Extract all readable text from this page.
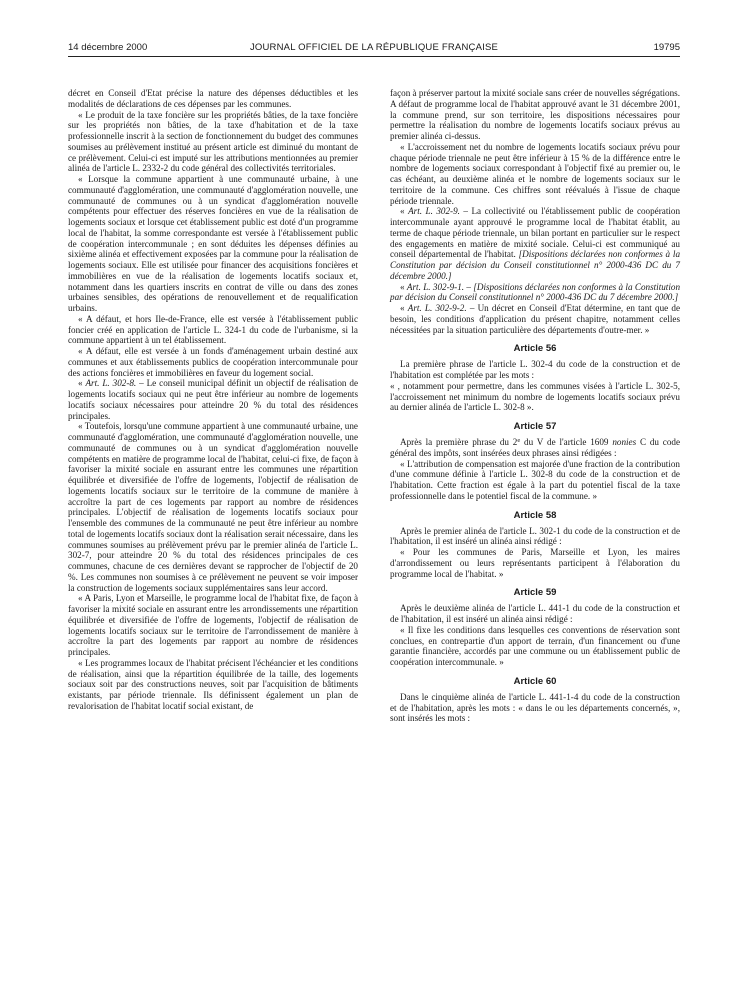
14 décembre 2000	JOURNAL OFFICIEL DE LA RÉPUBLIQUE FRANÇAISE	19795

décret en Conseil d'Etat précise la nature des dépenses déductibles et les modalités de déclarations de ces dépenses par les communes.

« Le produit de la taxe foncière sur les propriétés bâties, de la taxe foncière sur les propriétés non bâties, de la taxe d'habitation et de la taxe professionnelle inscrit à la section de fonctionnement du budget des communes soumises au prélèvement institué au présent article est diminué du montant de ce prélèvement. Celui-ci est imputé sur les attributions mentionnées au premier alinéa de l'article L. 2332-2 du code général des collectivités territoriales.

« Lorsque la commune appartient à une communauté urbaine, à une communauté d'agglomération, une communauté d'agglomération nouvelle, une communauté de communes ou à un syndicat d'agglomération nouvelle compétents pour effectuer des réserves foncières en vue de la réalisation de logements sociaux et lorsque cet établissement public est doté d'un programme local de l'habitat, la somme correspondante est versée à l'établissement public de coopération intercommunale ; en sont déduites les dépenses définies au sixième alinéa et effectivement exposées par la commune pour la réalisation de logements sociaux. Elle est utilisée pour financer des acquisitions foncières et immobilières en vue de la réalisation de logements locatifs sociaux et, notamment dans les quartiers inscrits en contrat de ville ou dans des zones urbaines sensibles, des opérations de renouvellement et de requalification urbains.

« A défaut, et hors Ile-de-France, elle est versée à l'établissement public foncier créé en application de l'article L. 324-1 du code de l'urbanisme, si la commune appartient à un tel établissement.

« A défaut, elle est versée à un fonds d'aménagement urbain destiné aux communes et aux établissements publics de coopération intercommunale pour des actions foncières et immobilières en faveur du logement social.

« Art. L. 302-8. – Le conseil municipal définit un objectif de réalisation de logements locatifs sociaux qui ne peut être inférieur au nombre de logements locatifs sociaux nécessaires pour atteindre 20 % du total des résidences principales.

« Toutefois, lorsqu'une commune appartient à une communauté urbaine, une communauté d'agglomération, une communauté d'agglomération nouvelle, une communauté de communes ou à un syndicat d'agglomération nouvelle compétents en matière de programme local de l'habitat, celui-ci fixe, de façon à favoriser la mixité sociale en assurant entre les communes une répartition équilibrée et diversifiée de l'offre de logements, l'objectif de réalisation de logements locatifs sociaux sur le territoire de la commune de manière à accroître la part de ces logements par rapport au nombre de résidences principales. L'objectif de réalisation de logements locatifs sociaux pour l'ensemble des communes de la communauté ne peut être inférieur au nombre total de logements locatifs sociaux dont la réalisation serait nécessaire, dans les communes soumises au prélèvement prévu par le premier alinéa de l'article L. 302-7, pour atteindre 20 % du total des résidences principales de ces communes, chacune de ces dernières devant se rapprocher de l'objectif de 20 %. Les communes non soumises à ce prélèvement ne peuvent se voir imposer la construction de logements sociaux supplémentaires sans leur accord.

« A Paris, Lyon et Marseille, le programme local de l'habitat fixe, de façon à favoriser la mixité sociale en assurant entre les arrondissements une répartition équilibrée et diversifiée de l'offre de logements, l'objectif de réalisation de logements locatifs sociaux sur le territoire de l'arrondissement de manière à accroître la part des logements par rapport au nombre de résidences principales.

« Les programmes locaux de l'habitat précisent l'échéancier et les conditions de réalisation, ainsi que la répartition équilibrée de la taille, des logements sociaux soit par des constructions neuves, soit par l'acquisition de bâtiments existants, par période triennale. Ils définissent également un plan de revalorisation de l'habitat locatif social existant, de

façon à préserver partout la mixité sociale sans créer de nouvelles ségrégations. A défaut de programme local de l'habitat approuvé avant le 31 décembre 2001, la commune prend, sur son territoire, les dispositions nécessaires pour permettre la réalisation du nombre de logements locatifs sociaux prévus au premier alinéa ci-dessus.

« L'accroissement net du nombre de logements locatifs sociaux prévu pour chaque période triennale ne peut être inférieur à 15 % de la différence entre le nombre de logements sociaux correspondant à l'objectif fixé au premier ou, le cas échéant, au deuxième alinéa et le nombre de logements sociaux sur le territoire de la commune. Ces chiffres sont réévalués à l'issue de chaque période triennale.

« Art. L. 302-9. – La collectivité ou l'établissement public de coopération intercommunale ayant approuvé le programme local de l'habitat établit, au terme de chaque période triennale, un bilan portant en particulier sur le respect des engagements en matière de mixité sociale. Celui-ci est communiqué au conseil départemental de l'habitat. [Dispositions déclarées non conformes à la Constitution par décision du Conseil constitutionnel n° 2000-436 DC du 7 décembre 2000.]

« Art. L. 302-9-1. – [Dispositions déclarées non conformes à la Constitution par décision du Conseil constitutionnel n° 2000-436 DC du 7 décembre 2000.]

« Art. L. 302-9-2. – Un décret en Conseil d'Etat détermine, en tant que de besoin, les conditions d'application du présent chapitre, notamment celles nécessitées par la situation particulière des départements d'outre-mer. »

Article 56

La première phrase de l'article L. 302-4 du code de la construction et de l'habitation est complétée par les mots :

« , notamment pour permettre, dans les communes visées à l'article L. 302-5, l'accroissement net minimum du nombre de logements locatifs sociaux prévu au dernier alinéa de l'article L. 302-8 ».

Article 57

Après la première phrase du 2e du V de l'article 1609 nonies C du code général des impôts, sont insérées deux phrases ainsi rédigées :

« L'attribution de compensation est majorée d'une fraction de la contribution d'une commune définie à l'article L. 302-8 du code de la construction et de l'habitation. Cette fraction est égale à la part du potentiel fiscal de la taxe professionnelle dans le potentiel fiscal de la commune. »

Article 58

Après le premier alinéa de l'article L. 302-1 du code de la construction et de l'habitation, il est inséré un alinéa ainsi rédigé :

« Pour les communes de Paris, Marseille et Lyon, les maires d'arrondissement ou leurs représentants participent à l'élaboration du programme local de l'habitat. »

Article 59

Après le deuxième alinéa de l'article L. 441-1 du code de la construction et de l'habitation, il est inséré un alinéa ainsi rédigé :

« Il fixe les conditions dans lesquelles ces conventions de réservation sont conclues, en contrepartie d'un apport de terrain, d'un financement ou d'une garantie financière, accordés par une commune ou un établissement public de coopération intercommunale. »

Article 60

Dans le cinquième alinéa de l'article L. 441-1-4 du code de la construction et de l'habitation, après les mots : « dans le ou les départements concernés, », sont insérés les mots :
